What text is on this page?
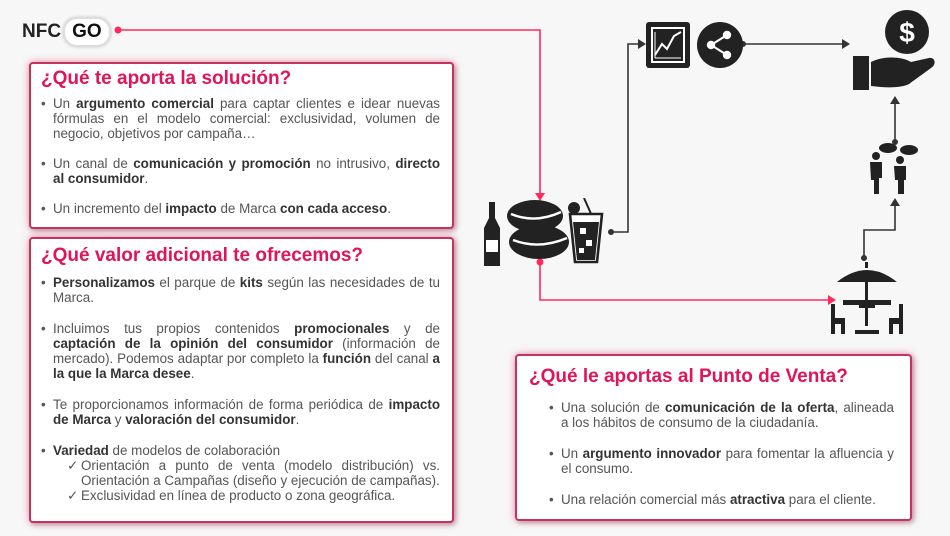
NFC GO	$
¿Qué te aporta la solución?
• Un argumento comercial para captar clientes e idear nuevas fórmulas en el modelo comercial: exclusividad, volumen de negocio, objetivos por campaña…
• Un canal de comunicación y promoción no intrusivo, directo al consumidor.
• Un incremento del impacto de Marca con cada acceso.
¿Qué valor adicional te ofrecemos?
• Personalizamos el parque de kits según las necesidades de tu Marca.
• Incluimos tus propios contenidos promocionales y de captación de la opinión del consumidor (información de mercado). Podemos adaptar por completo la función del canal a la que la Marca desee.
• Te proporcionamos información de forma periódica de impacto de Marca y valoración del consumidor.
• Variedad de modelos de colaboración
✓ Orientación a punto de venta (modelo distribución) vs. Orientación a Campañas (diseño y ejecución de campañas).
✓ Exclusividad en línea de producto o zona geográfica.
¿Qué le aportas al Punto de Venta?
• Una solución de comunicación de la oferta, alineada a los hábitos de consumo de la ciudadanía.
• Un argumento innovador para fomentar la afluencia y el consumo.
• Una relación comercial más atractiva para el cliente.
